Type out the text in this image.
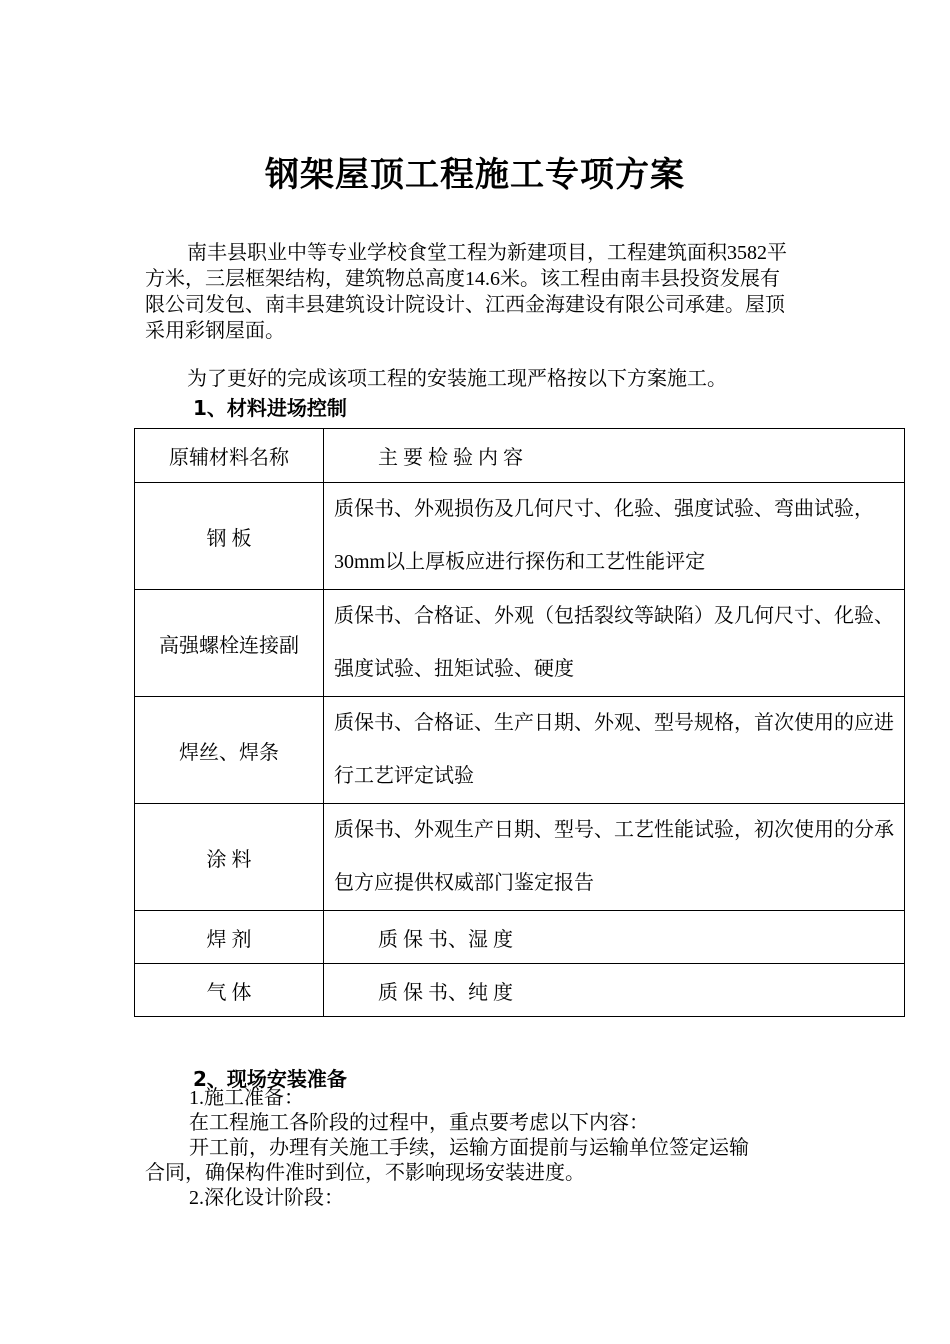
钢架屋顶工程施工专项方案
南丰县职业中等专业学校食堂工程为新建项目，工程建筑面积3582平方米，三层框架结构，建筑物总高度14.6米。该工程由南丰县投资发展有限公司发包、南丰县建筑设计院设计、江西金海建设有限公司承建。屋顶采用彩钢屋面。
为了更好的完成该项工程的安装施工现严格按以下方案施工。
1、材料进场控制
原辅材料名称	主 要 检 验 内 容
钢 板	质保书、外观损伤及几何尺寸、化验、强度试验、弯曲试验，30mm以上厚板应进行探伤和工艺性能评定
高强螺栓连接副	质保书、合格证、外观（包括裂纹等缺陷）及几何尺寸、化验、强度试验、扭矩试验、硬度
焊丝、焊条	质保书、合格证、生产日期、外观、型号规格，首次使用的应进行工艺评定试验
涂 料	质保书、外观生产日期、型号、工艺性能试验，初次使用的分承包方应提供权威部门鉴定报告
焊 剂	质 保 书、湿 度
气 体	质 保 书、纯 度
2、现场安装准备
1.施工准备：
在工程施工各阶段的过程中，重点要考虑以下内容：
开工前，办理有关施工手续，运输方面提前与运输单位签定运输
合同，确保构件准时到位，不影响现场安装进度。
2.深化设计阶段：
